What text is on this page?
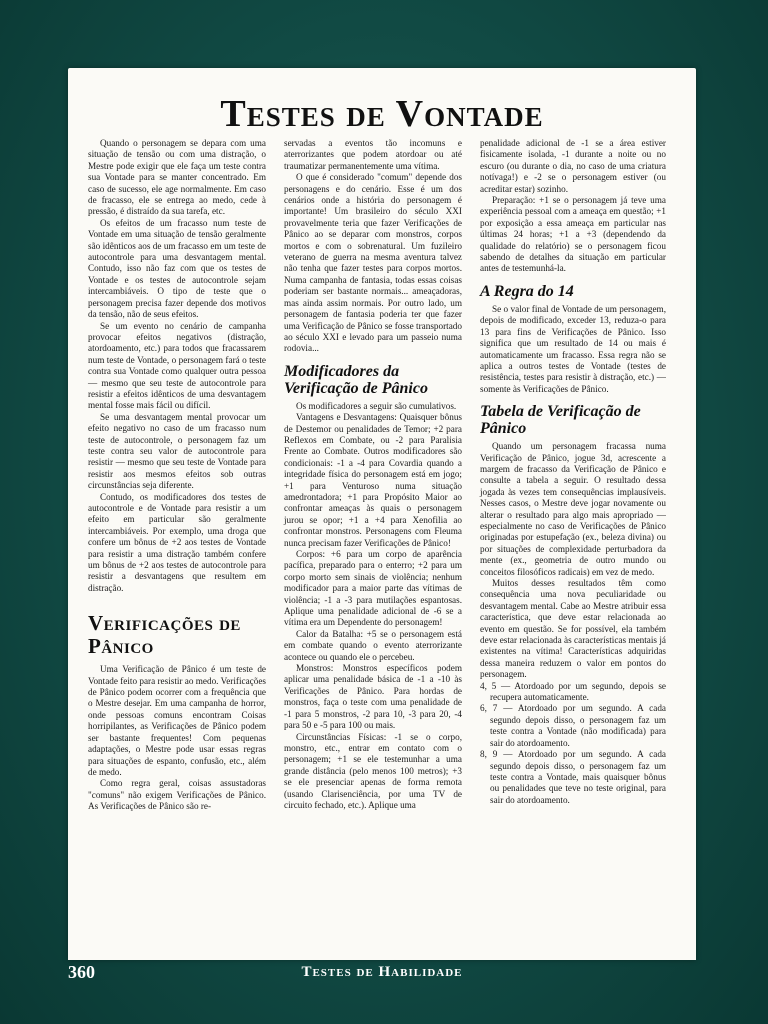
Testes de Vontade

Quando o personagem se depara com uma situação de tensão ou com uma distração, o Mestre pode exigir que ele faça um teste contra sua Vontade para se manter concentrado. Em caso de sucesso, ele age normalmente. Em caso de fracasso, ele se entrega ao medo, cede à pressão, é distraído da sua tarefa, etc.

Os efeitos de um fracasso num teste de Vontade em uma situação de tensão geralmente são idênticos aos de um fracasso em um teste de autocontrole para uma desvantagem mental. Contudo, isso não faz com que os testes de Vontade e os testes de autocontrole sejam intercambiáveis. O tipo de teste que o personagem precisa fazer depende dos motivos da tensão, não de seus efeitos.

Se um evento no cenário de campanha provocar efeitos negativos (distração, atordoamento, etc.) para todos que fracassarem num teste de Vontade, o personagem fará o teste contra sua Vontade como qualquer outra pessoa — mesmo que seu teste de autocontrole para resistir a efeitos idênticos de uma desvantagem mental fosse mais fácil ou difícil.

Se uma desvantagem mental provocar um efeito negativo no caso de um fracasso num teste de autocontrole, o personagem faz um teste contra seu valor de autocontrole para resistir — mesmo que seu teste de Vontade para resistir aos mesmos efeitos sob outras circunstâncias seja diferente.

Contudo, os modificadores dos testes de autocontrole e de Vontade para resistir a um efeito em particular são geralmente intercambiáveis. Por exemplo, uma droga que confere um bônus de +2 aos testes de Vontade para resistir a uma distração também confere um bônus de +2 aos testes de autocontrole para resistir a desvantagens que resultem em distração.

Verificações de Pânico

Uma Verificação de Pânico é um teste de Vontade feito para resistir ao medo. Verificações de Pânico podem ocorrer com a frequência que o Mestre desejar. Em uma campanha de horror, onde pessoas comuns encontram Coisas horripilantes, as Verificações de Pânico podem ser bastante frequentes! Com pequenas adaptações, o Mestre pode usar essas regras para situações de espanto, confusão, etc., além de medo.

Como regra geral, coisas assustadoras "comuns" não exigem Verificações de Pânico. As Verificações de Pânico são re-

servadas a eventos tão incomuns e aterrorizantes que podem atordoar ou até traumatizar permanentemente uma vítima.

O que é considerado "comum" depende dos personagens e do cenário. Esse é um dos cenários onde a história do personagem é importante! Um brasileiro do século XXI provavelmente teria que fazer Verificações de Pânico ao se deparar com monstros, corpos mortos e com o sobrenatural. Um fuzileiro veterano de guerra na mesma aventura talvez não tenha que fazer testes para corpos mortos. Numa campanha de fantasia, todas essas coisas poderiam ser bastante normais... ameaçadoras, mas ainda assim normais. Por outro lado, um personagem de fantasia poderia ter que fazer uma Verificação de Pânico se fosse transportado ao século XXI e levado para um passeio numa rodovia...

Modificadores da Verificação de Pânico

Os modificadores a seguir são cumulativos.

Vantagens e Desvantagens: Quaisquer bônus de Destemor ou penalidades de Temor; +2 para Reflexos em Combate, ou -2 para Paralisia Frente ao Combate. Outros modificadores são condicionais: -1 a -4 para Covardia quando a integridade física do personagem está em jogo; +1 para Venturoso numa situação amedrontadora; +1 para Propósito Maior ao confrontar ameaças às quais o personagem jurou se opor; +1 a +4 para Xenofilia ao confrontar monstros. Personagens com Fleuma nunca precisam fazer Verificações de Pânico!

Corpos: +6 para um corpo de aparência pacífica, preparado para o enterro; +2 para um corpo morto sem sinais de violência; nenhum modificador para a maior parte das vítimas de violência; -1 a -3 para mutilações espantosas. Aplique uma penalidade adicional de -6 se a vítima era um Dependente do personagem!

Calor da Batalha: +5 se o personagem está em combate quando o evento aterrorizante acontece ou quando ele o percebeu.

Monstros: Monstros específicos podem aplicar uma penalidade básica de -1 a -10 às Verificações de Pânico. Para hordas de monstros, faça o teste com uma penalidade de -1 para 5 monstros, -2 para 10, -3 para 20, -4 para 50 e -5 para 100 ou mais.

Circunstâncias Físicas: -1 se o corpo, monstro, etc., entrar em contato com o personagem; +1 se ele testemunhar a uma grande distância (pelo menos 100 metros); +3 se ele presenciar apenas de forma remota (usando Clarisenciência, por uma TV de circuito fechado, etc.). Aplique uma

penalidade adicional de -1 se a área estiver fisicamente isolada, -1 durante a noite ou no escuro (ou durante o dia, no caso de uma criatura notívaga!) e -2 se o personagem estiver (ou acreditar estar) sozinho.

Preparação: +1 se o personagem já teve uma experiência pessoal com a ameaça em questão; +1 por exposição a essa ameaça em particular nas últimas 24 horas; +1 a +3 (dependendo da qualidade do relatório) se o personagem ficou sabendo de detalhes da situação em particular antes de testemunhá-la.

A Regra do 14

Se o valor final de Vontade de um personagem, depois de modificado, exceder 13, reduza-o para 13 para fins de Verificações de Pânico. Isso significa que um resultado de 14 ou mais é automaticamente um fracasso. Essa regra não se aplica a outros testes de Vontade (testes de resistência, testes para resistir à distração, etc.) — somente às Verificações de Pânico.

Tabela de Verificação de Pânico

Quando um personagem fracassa numa Verificação de Pânico, jogue 3d, acrescente a margem de fracasso da Verificação de Pânico e consulte a tabela a seguir. O resultado dessa jogada às vezes tem consequências implausíveis. Nesses casos, o Mestre deve jogar novamente ou alterar o resultado para algo mais apropriado — especialmente no caso de Verificações de Pânico originadas por estupefação (ex., beleza divina) ou por situações de complexidade perturbadora da mente (ex., geometria de outro mundo ou conceitos filosóficos radicais) em vez de medo.

Muitos desses resultados têm como consequência uma nova peculiaridade ou desvantagem mental. Cabe ao Mestre atribuir essa característica, que deve estar relacionada ao evento em questão. Se for possível, ela também deve estar relacionada às características mentais já existentes na vítima! Características adquiridas dessa maneira reduzem o valor em pontos do personagem.

4, 5 — Atordoado por um segundo, depois se recupera automaticamente.

6, 7 — Atordoado por um segundo. A cada segundo depois disso, o personagem faz um teste contra a Vontade (não modificada) para sair do atordoamento.

8, 9 — Atordoado por um segundo. A cada segundo depois disso, o personagem faz um teste contra a Vontade, mais quaisquer bônus ou penalidades que teve no teste original, para sair do atordoamento.

360	Testes de Habilidade
